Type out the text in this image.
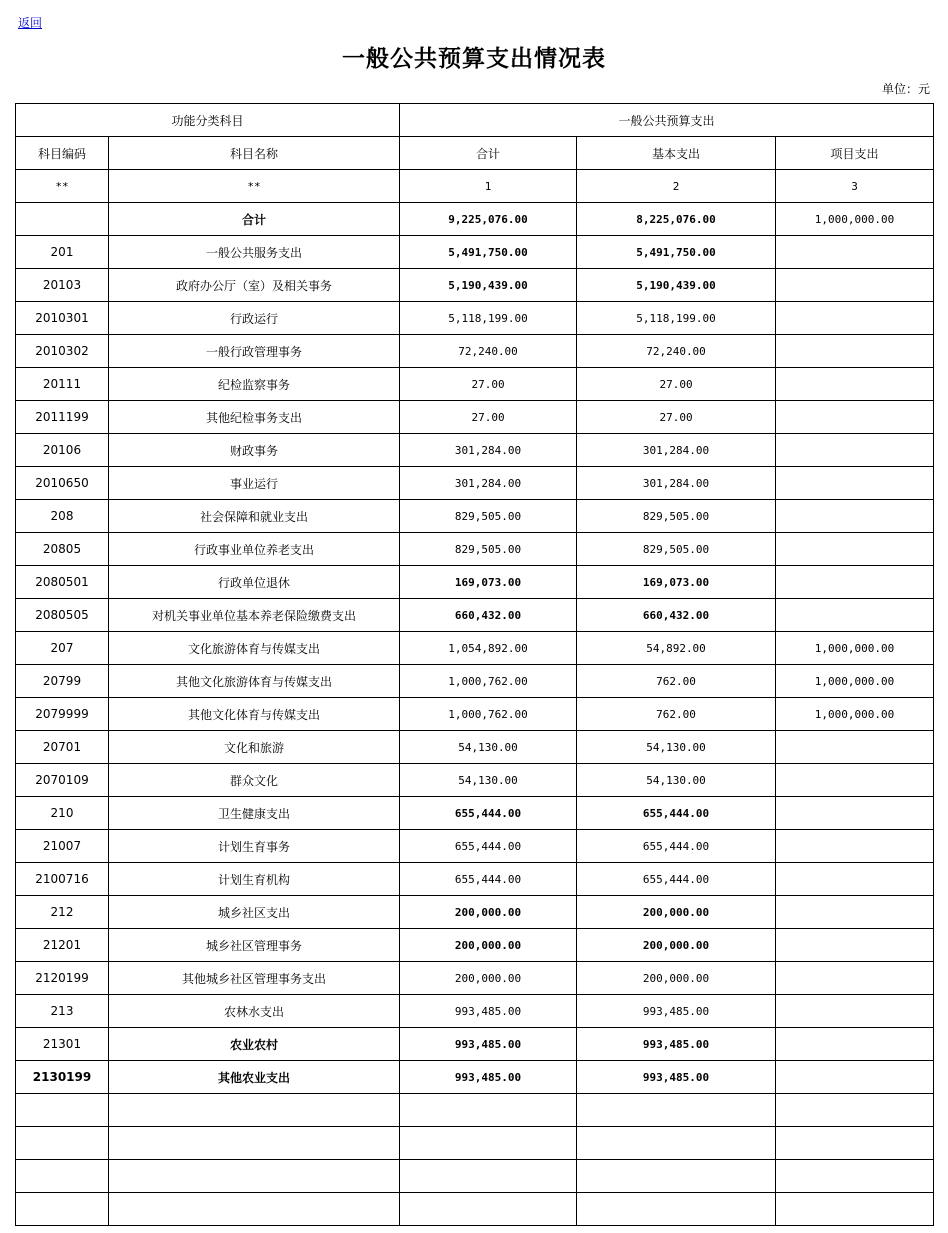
返回
一般公共预算支出情况表
单位：元
功能分类科目		一般公共预算支出		
科目编码	科目名称	合计	基本支出	项目支出
**	**	1	2	3
	合计	9,225,076.00	8,225,076.00	1,000,000.00
201	一般公共服务支出	5,491,750.00	5,491,750.00	
20103	政府办公厅（室）及相关事务	5,190,439.00	5,190,439.00	
2010301	行政运行	5,118,199.00	5,118,199.00	
2010302	一般行政管理事务	72,240.00	72,240.00	
20111	纪检监察事务	27.00	27.00	
2011199	其他纪检事务支出	27.00	27.00	
20106	财政事务	301,284.00	301,284.00	
2010650	事业运行	301,284.00	301,284.00	
208	社会保障和就业支出	829,505.00	829,505.00	
20805	行政事业单位养老支出	829,505.00	829,505.00	
2080501	行政单位退休	169,073.00	169,073.00	
2080505	对机关事业单位基本养老保险缴费支出	660,432.00	660,432.00	
207	文化旅游体育与传媒支出	1,054,892.00	54,892.00	1,000,000.00
20799	其他文化旅游体育与传媒支出	1,000,762.00	762.00	1,000,000.00
2079999	其他文化体育与传媒支出	1,000,762.00	762.00	1,000,000.00
20701	文化和旅游	54,130.00	54,130.00	
2070109	群众文化	54,130.00	54,130.00	
210	卫生健康支出	655,444.00	655,444.00	
21007	计划生育事务	655,444.00	655,444.00	
2100716	计划生育机构	655,444.00	655,444.00	
212	城乡社区支出	200,000.00	200,000.00	
21201	城乡社区管理事务	200,000.00	200,000.00	
2120199	其他城乡社区管理事务支出	200,000.00	200,000.00	
213	农林水支出	993,485.00	993,485.00	
21301	农业农村	993,485.00	993,485.00	
2130199	其他农业支出	993,485.00	993,485.00	
